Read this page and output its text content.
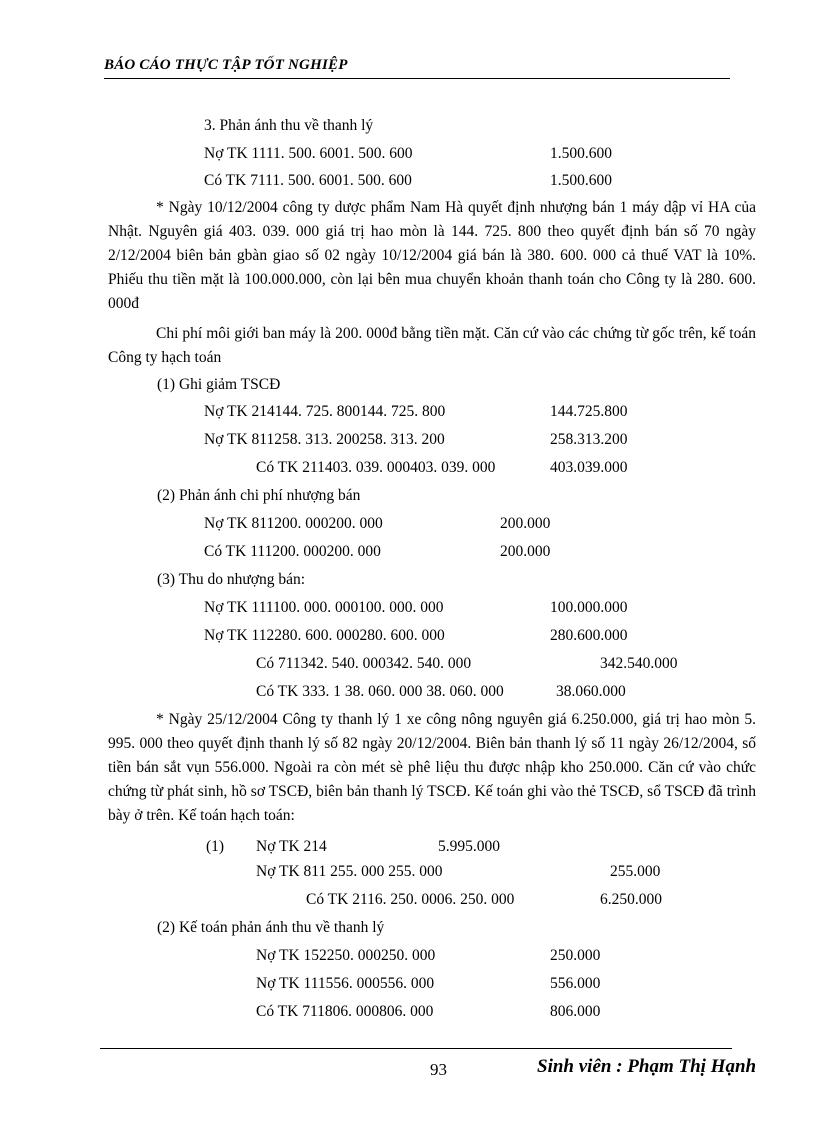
BÁO CÁO THỰC TẬP TỐT NGHIỆP
3. Phản ánh thu về thanh lý
Nợ TK 1111. 500. 6001. 500. 600	1.500.600
Có TK 7111. 500. 6001. 500. 600	1.500.600

* Ngày 10/12/2004 công ty dược phẩm Nam Hà quyết định nhượng bán 1 máy dập vỉ HA của Nhật. Nguyên giá 403. 039. 000 giá trị hao mòn là 144. 725. 800 theo quyết định bán số 70 ngày 2/12/2004 biên bản gbàn giao số 02 ngày 10/12/2004 giá bán là 380. 600. 000 cả thuế VAT là 10%. Phiếu thu tiền mặt là 100.000.000, còn lại bên mua chuyển khoản thanh toán cho Công ty là 280. 600. 000đ

Chi phí môi giới ban máy là 200. 000đ bằng tiền mặt. Căn cứ vào các chứng từ gốc trên, kế toán Công ty hạch toán

(1) Ghi giảm TSCĐ
Nợ TK 214144. 725. 800144. 725. 800	144.725.800
Nợ TK 811258. 313. 200258. 313. 200	258.313.200
Có TK 211403. 039. 000403. 039. 000	403.039.000
(2) Phản ánh chi phí nhượng bán
Nợ TK 811200. 000200. 000	200.000
Có TK 111200. 000200. 000	200.000
(3) Thu do nhượng bán:
Nợ TK 111100. 000. 000100. 000. 000	100.000.000
Nợ TK 112280. 600. 000280. 600. 000	280.600.000
Có 711342. 540. 000342. 540. 000	342.540.000
Có TK 333. 1 38. 060. 000 38. 060. 000	38.060.000

* Ngày 25/12/2004 Công ty thanh lý 1 xe công nông nguyên giá 6.250.000, giá trị hao mòn 5. 995. 000 theo quyết định thanh lý số 82 ngày 20/12/2004. Biên bản thanh lý số 11 ngày 26/12/2004, số tiền bán sắt vụn 556.000. Ngoài ra còn mét sè phê liệu thu được nhập kho 250.000. Căn cứ vào chức chứng từ phát sinh, hồ sơ TSCĐ, biên bản thanh lý TSCĐ. Kế toán ghi vào thẻ TSCĐ, sổ TSCĐ đã trình bày ở trên. Kế toán hạch toán:

(1) Nợ TK 214	5.995.000
Nợ TK 811 255. 000 255. 000	255.000
Có TK 2116. 250. 0006. 250. 000	6.250.000
(2) Kế toán phản ánh thu về thanh lý
Nợ TK 152250. 000250. 000	250.000
Nợ TK 111556. 000556. 000	556.000
Có TK 711806. 000806. 000	806.000
93	Sinh viên : Phạm Thị Hạnh
